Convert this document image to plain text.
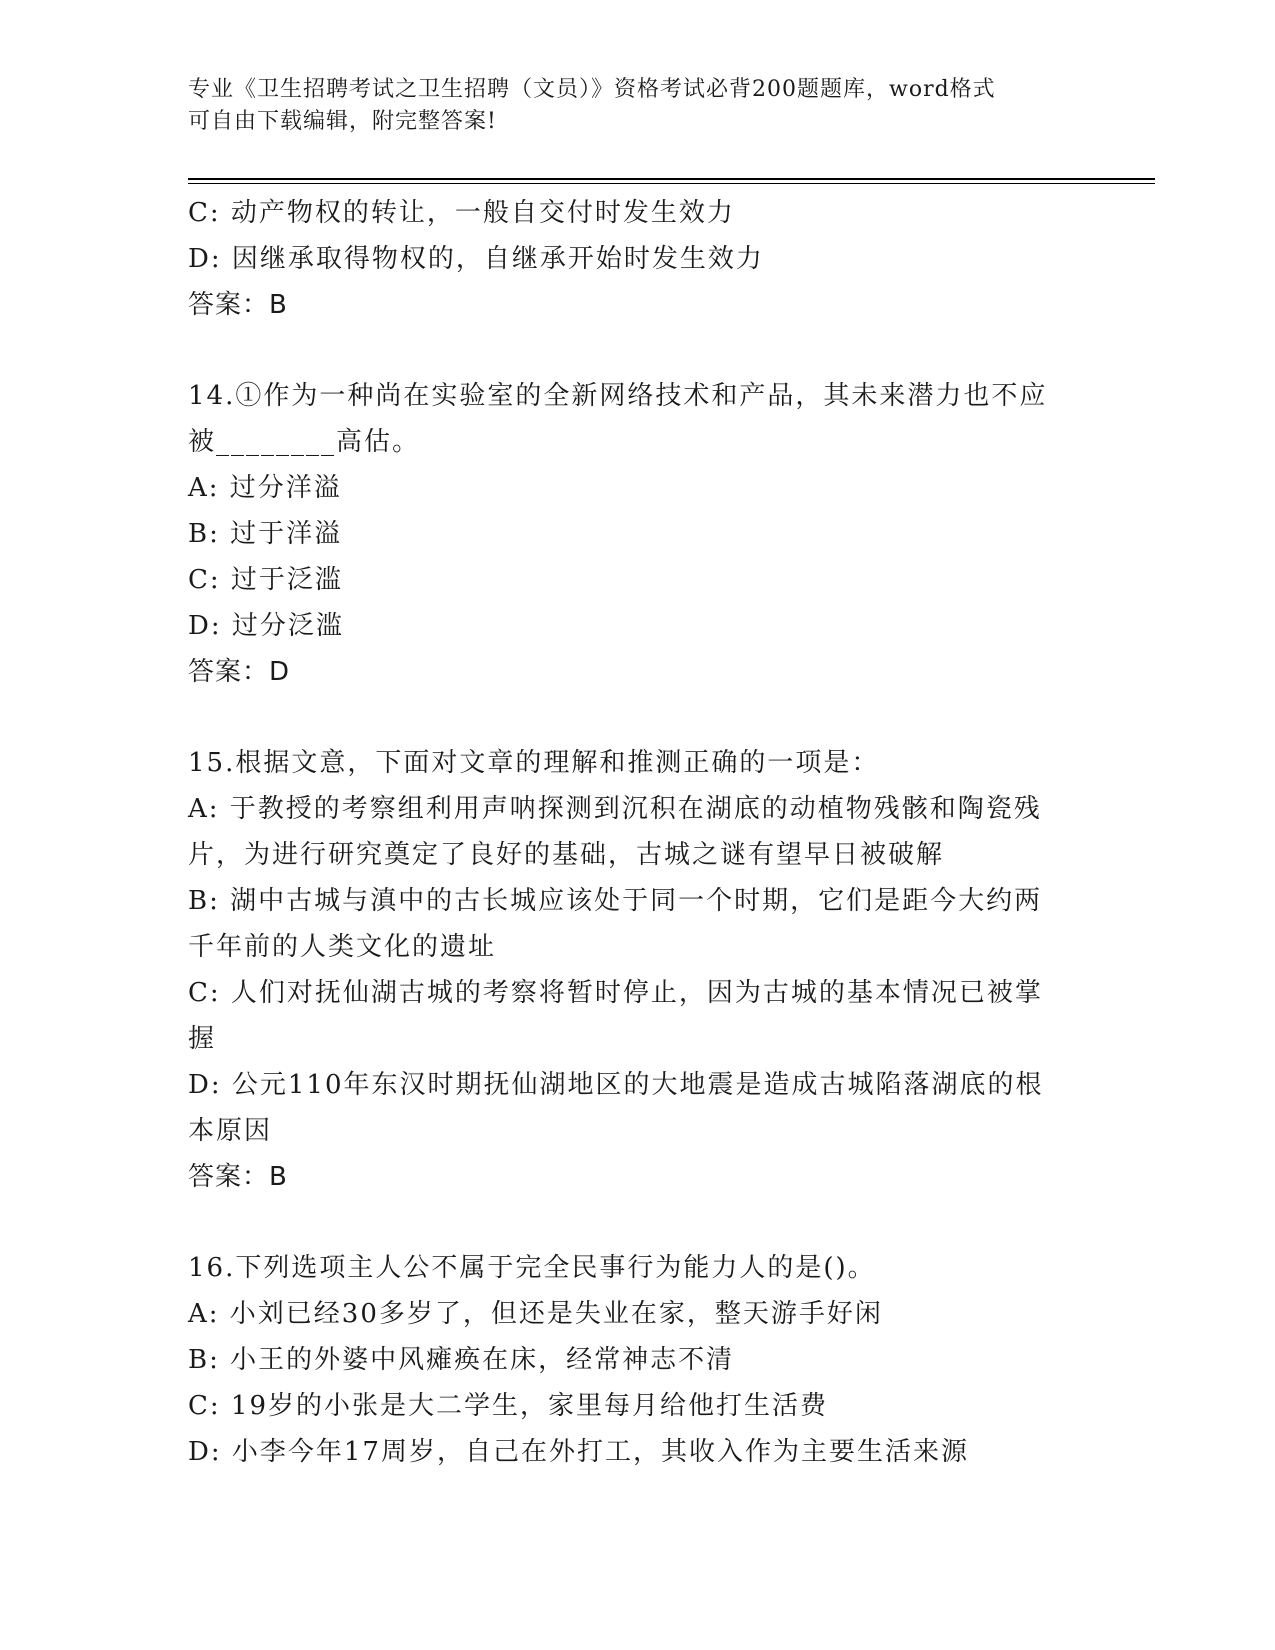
专业《卫生招聘考试之卫生招聘（文员）》资格考试必背200题题库，word格式
可自由下载编辑，附完整答案!
C: 动产物权的转让，一般自交付时发生效力
D: 因继承取得物权的，自继承开始时发生效力
答案：B
14.①作为一种尚在实验室的全新网络技术和产品，其未来潜力也不应
被________高估。
A: 过分洋溢
B: 过于洋溢
C: 过于泛滥
D: 过分泛滥
答案：D
15.根据文意，下面对文章的理解和推测正确的一项是：
A: 于教授的考察组利用声呐探测到沉积在湖底的动植物残骸和陶瓷残
片，为进行研究奠定了良好的基础，古城之谜有望早日被破解
B: 湖中古城与滇中的古长城应该处于同一个时期，它们是距今大约两
千年前的人类文化的遗址
C: 人们对抚仙湖古城的考察将暂时停止，因为古城的基本情况已被掌
握
D: 公元110年东汉时期抚仙湖地区的大地震是造成古城陷落湖底的根
本原因
答案：B
16.下列选项主人公不属于完全民事行为能力人的是()。
A: 小刘已经30多岁了，但还是失业在家，整天游手好闲
B: 小王的外婆中风瘫痪在床，经常神志不清
C: 19岁的小张是大二学生，家里每月给他打生活费
D: 小李今年17周岁，自己在外打工，其收入作为主要生活来源
